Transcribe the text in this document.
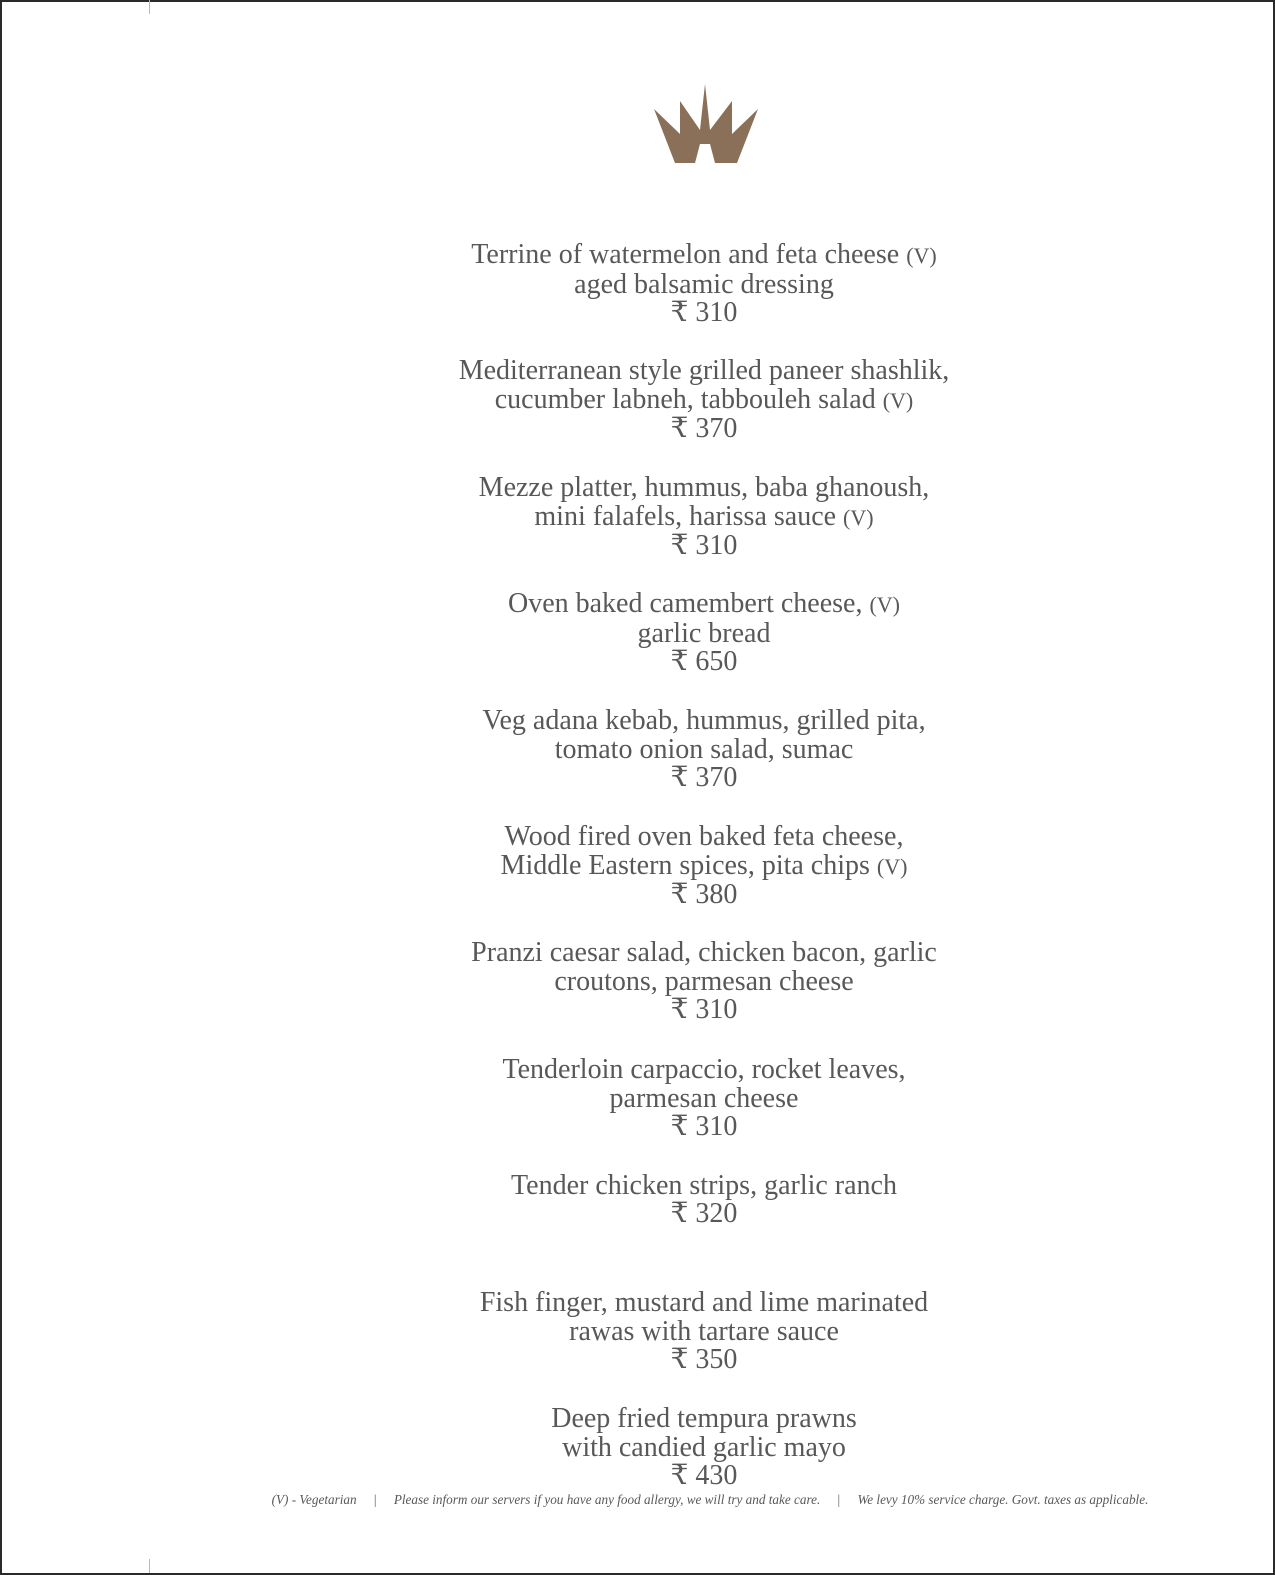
Terrine of watermelon and feta cheese (V)
aged balsamic dressing
₹ 310
Mediterranean style grilled paneer shashlik,
cucumber labneh, tabbouleh salad (V)
₹ 370
Mezze platter, hummus, baba ghanoush,
mini falafels, harissa sauce (V)
₹ 310
Oven baked camembert cheese, (V)
garlic bread
₹ 650
Veg adana kebab, hummus, grilled pita,
tomato onion salad, sumac
₹ 370
Wood fired oven baked feta cheese,
Middle Eastern spices, pita chips (V)
₹ 380
Pranzi caesar salad, chicken bacon, garlic
croutons, parmesan cheese
₹ 310
Tenderloin carpaccio, rocket leaves,
parmesan cheese
₹ 310
Tender chicken strips, garlic ranch
₹ 320
Fish finger, mustard and lime marinated
rawas with tartare sauce
₹ 350
Deep fried tempura prawns
with candied garlic mayo
₹ 430
(V) - Vegetarian | Please inform our servers if you have any food allergy, we will try and take care. | We levy 10% service charge. Govt. taxes as applicable.
